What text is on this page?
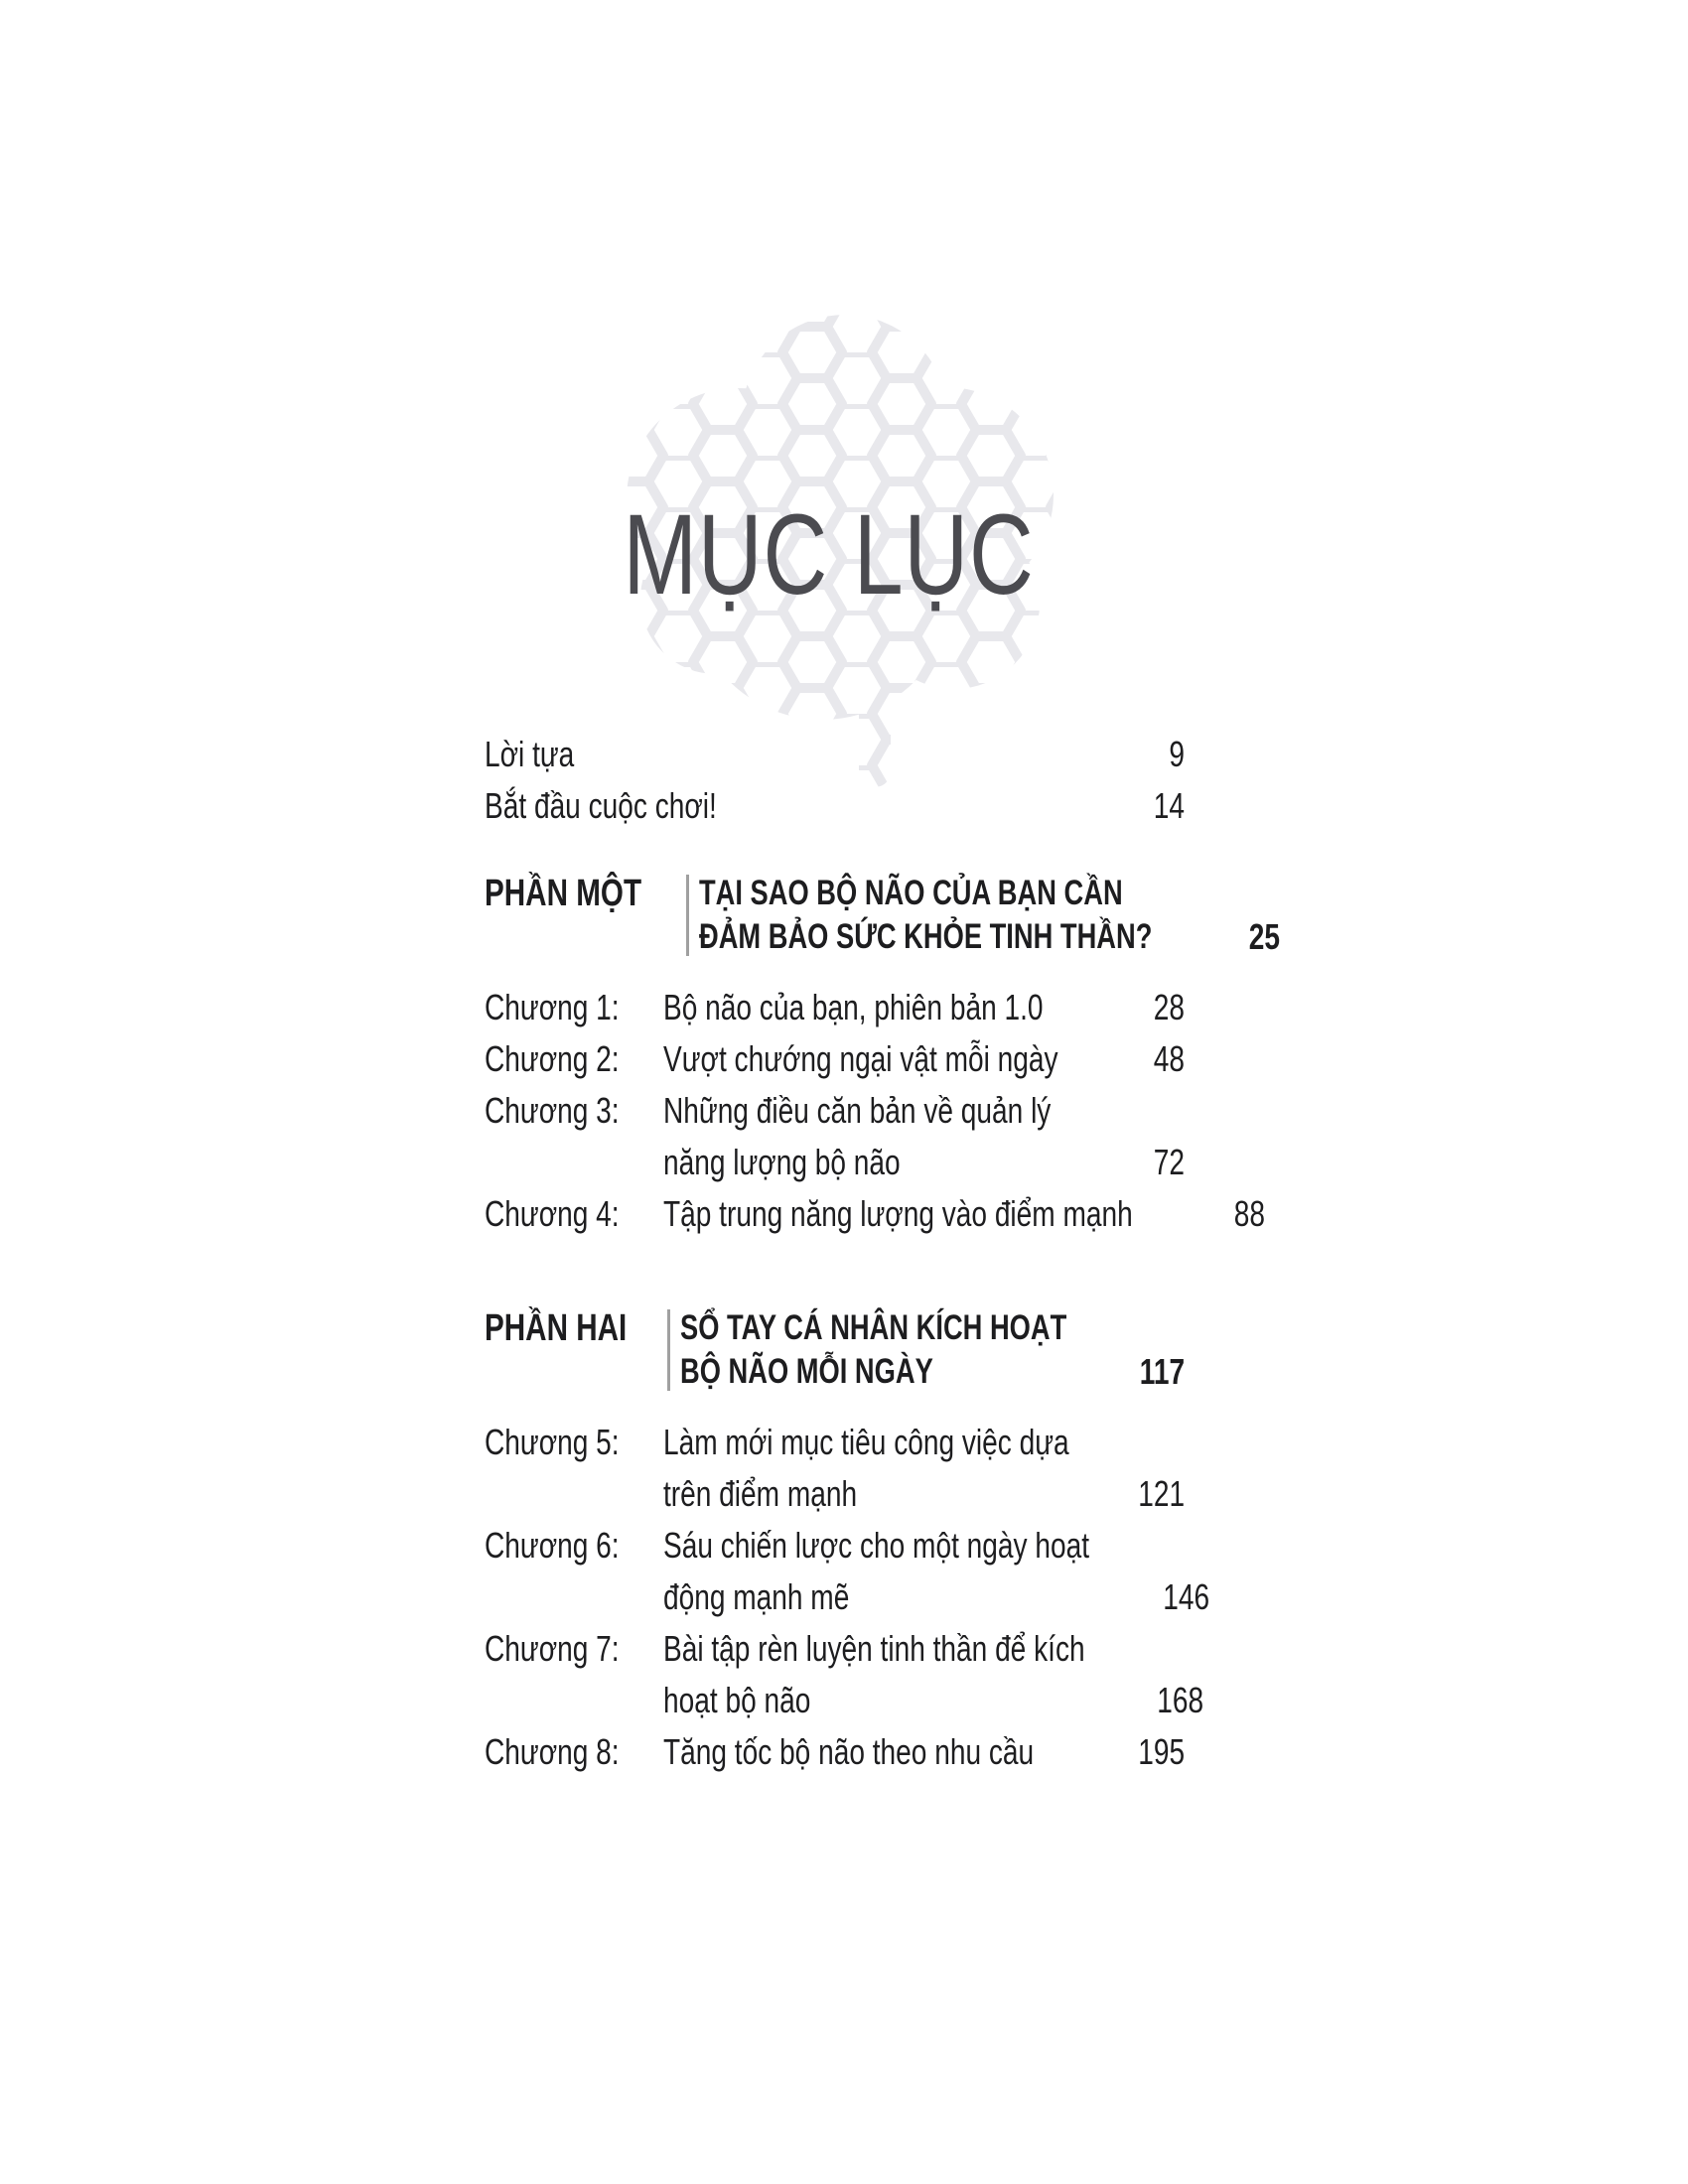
MỤC LỤC
Lời tựa	9
Bắt đầu cuộc chơi!	14
PHẦN MỘT	TẠI SAO BỘ NÃO CỦA BẠN CẦN
ĐẢM BẢO SỨC KHỎE TINH THẦN?	25
Chương 1:	Bộ não của bạn, phiên bản 1.0	28
Chương 2:	Vượt chướng ngại vật mỗi ngày	48
Chương 3:	Những điều căn bản về quản lý
năng lượng bộ não	72
Chương 4:	Tập trung năng lượng vào điểm mạnh	88
PHẦN HAI	SỔ TAY CÁ NHÂN KÍCH HOẠT
BỘ NÃO MỖI NGÀY	117
Chương 5:	Làm mới mục tiêu công việc dựa
trên điểm mạnh	121
Chương 6:	Sáu chiến lược cho một ngày hoạt
động mạnh mẽ	146
Chương 7:	Bài tập rèn luyện tinh thần để kích
hoạt bộ não	168
Chương 8:	Tăng tốc bộ não theo nhu cầu	195
